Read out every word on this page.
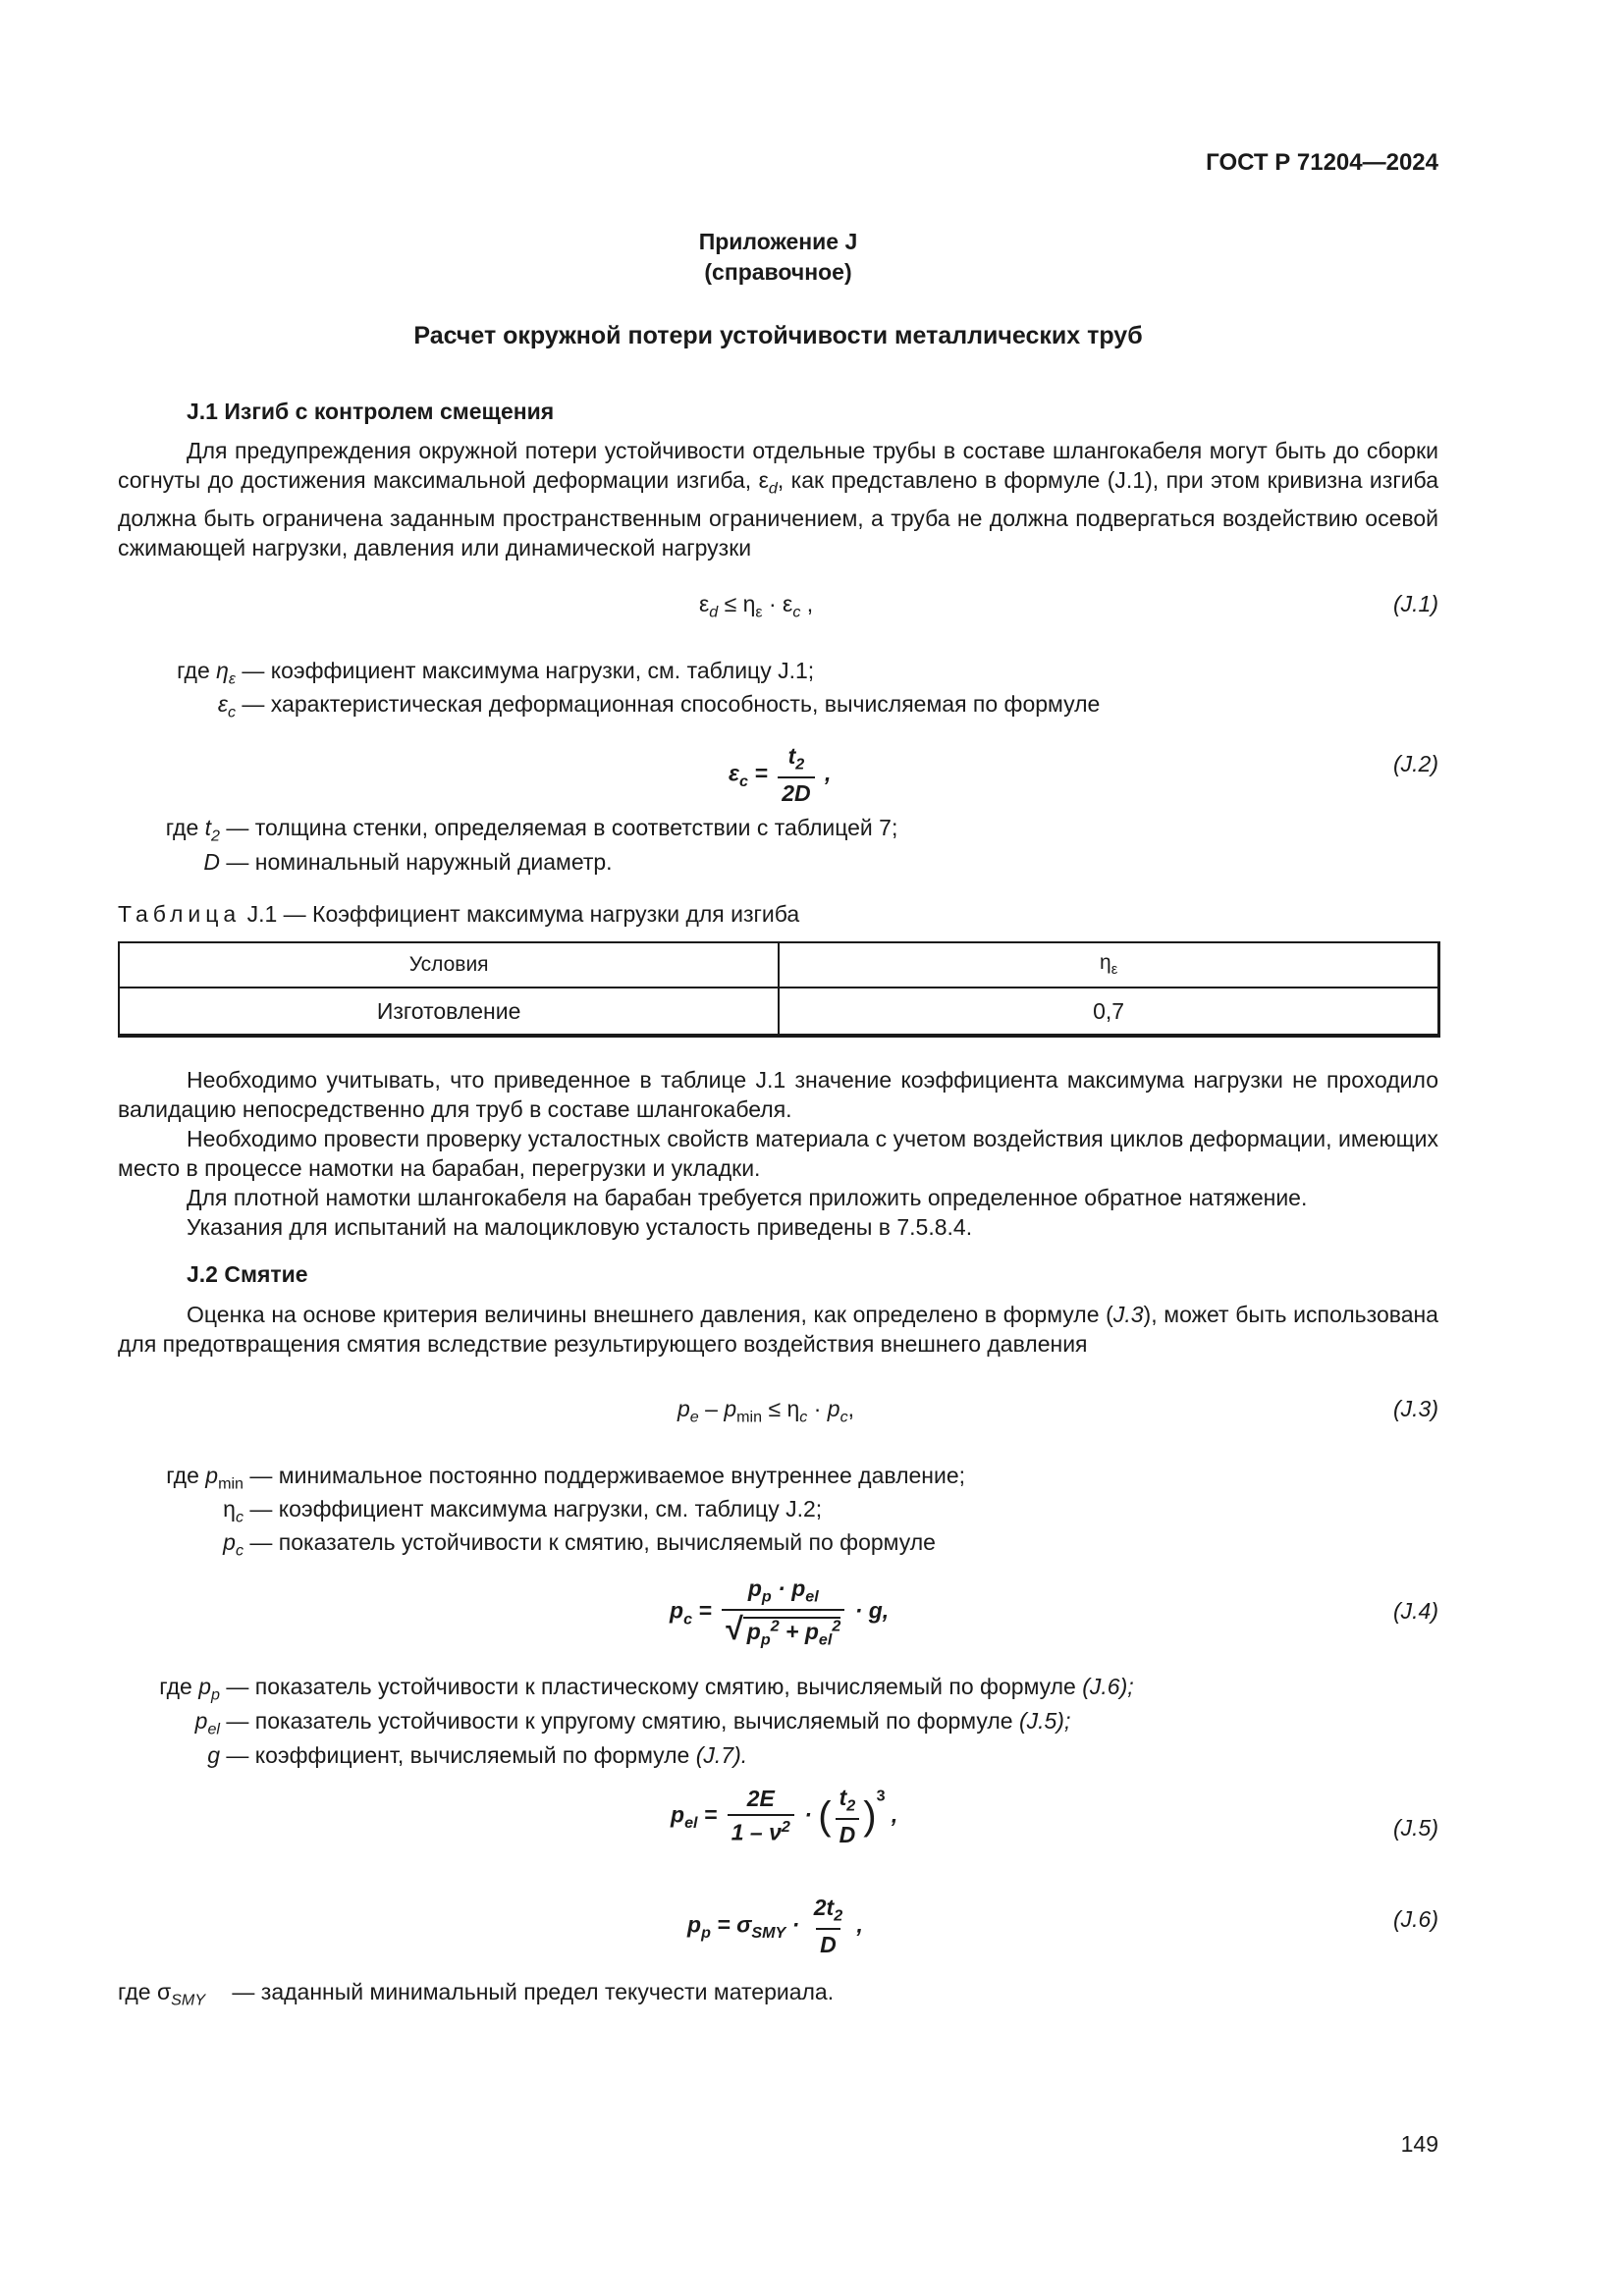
ГОСТ Р 71204—2024
Приложение J
(справочное)
Расчет окружной потери устойчивости металлических труб
J.1 Изгиб с контролем смещения

Для предупреждения окружной потери устойчивости отдельные трубы в составе шлангокабеля могут быть до сборки согнуты до достижения максимальной деформации изгиба, $\varepsilon_d$, как представлено в формуле (J.1), при этом кривизна изгиба должна быть ограничена заданным пространственным ограничением, а труба не должна подвергаться воздействию осевой сжимающей нагрузки, давления или динамической нагрузки

$\varepsilon_d \le \eta_\varepsilon \cdot \varepsilon_c$ ,	(J.1)
где $\eta_\varepsilon$ — коэффициент максимума нагрузки, см. таблицу J.1;
$\varepsilon_c$ — характеристическая деформационная способность, вычисляемая по формуле
$\varepsilon_c = \frac{t_2}{2D}$ ,	(J.2)
где $t_2$ — толщина стенки, определяемая в соответствии с таблицей 7;
D — номинальный наружный диаметр.
Таблица J.1 — Коэффициент максимума нагрузки для изгиба
Условия	$\eta_\varepsilon$
Изготовление	0,7

Необходимо учитывать, что приведенное в таблице J.1 значение коэффициента максимума нагрузки не проходило валидацию непосредственно для труб в составе шлангокабеля.

Необходимо провести проверку усталостных свойств материала с учетом воздействия циклов деформации, имеющих место в процессе намотки на барабан, перегрузки и укладки.

Для плотной намотки шлангокабеля на барабан требуется приложить определенное обратное натяжение.

Указания для испытаний на малоцикловую усталость приведены в 7.5.8.4.

J.2 Смятие

Оценка на основе критерия величины внешнего давления, как определено в формуле (J.3), может быть использована для предотвращения смятия вследствие результирующего воздействия внешнего давления

$p_e - p_{min} \le \eta_c \cdot p_c$,	(J.3)
где $p_{min}$ — минимальное постоянно поддерживаемое внутреннее давление;
$\eta_c$ — коэффициент максимума нагрузки, см. таблицу J.2;
$p_c$ — показатель устойчивости к смятию, вычисляемый по формуле
$p_c = \frac{p_p \cdot p_{el}}{√ p_p^2 + p_{el}^2} \cdot g$,	(J.4)
где $p_p$ — показатель устойчивости к пластическому смятию, вычисляемый по формуле (J.6);
$p_{el}$ — показатель устойчивости к упругому смятию, вычисляемый по формуле (J.5);
g — коэффициент, вычисляемый по формуле (J.7).
$p_{el} = \frac{2E}{1 - \nu^2}$ · ( $\frac{t_2}{D} )^3$ ,
(J.5)
$p_p = \sigma_{SMY} \cdot \frac{2t_2}{D}$ ,	(J.6)
где $\sigma_{SMY}$ — заданный минимальный предел текучести материала.
149
